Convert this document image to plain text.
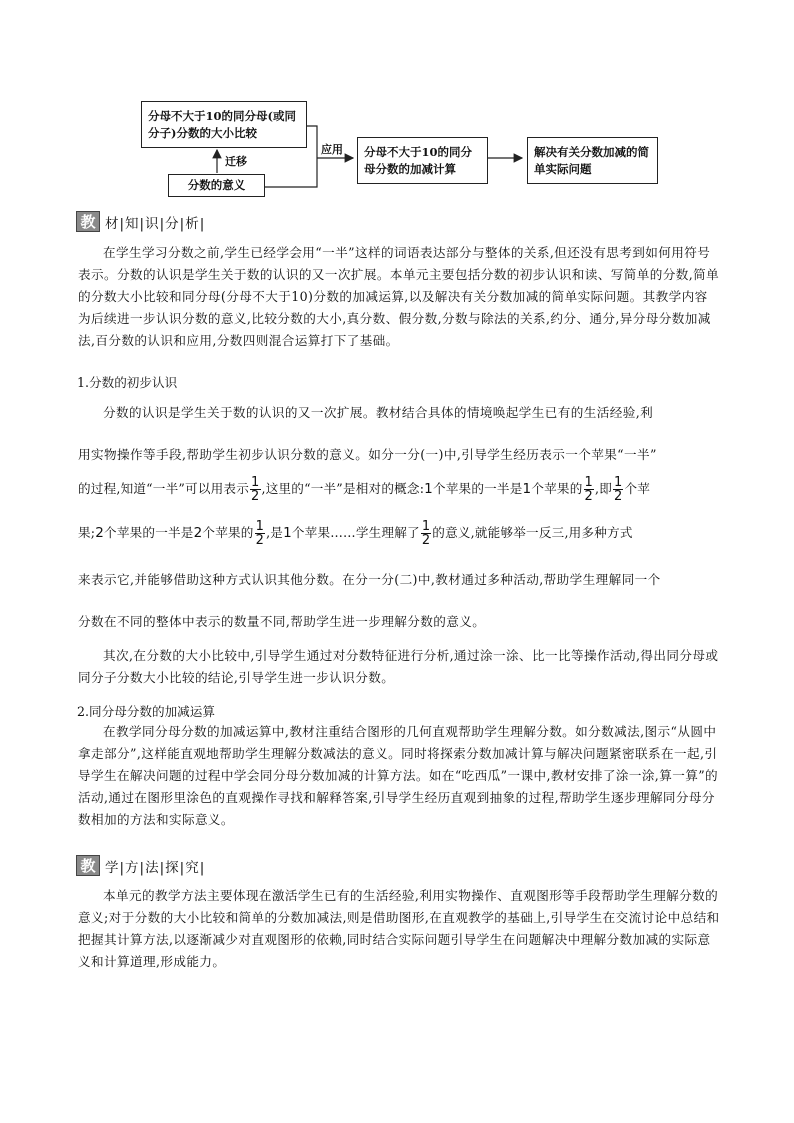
分母不大于10的同分母(或同分子)分数的大小比较
分数的意义
分母不大于10的同分母分数的加减计算
解决有关分数加减的简单实际问题
迁移
应用
教 材|知|识|分|析|
在学生学习分数之前,学生已经学会用“一半”这样的词语表达部分与整体的关系,但还没有思考到如何用符号表示。分数的认识是学生关于数的认识的又一次扩展。本单元主要包括分数的初步认识和读、写简单的分数,简单的分数大小比较和同分母(分母不大于10)分数的加减运算,以及解决有关分数加减的简单实际问题。其教学内容为后续进一步认识分数的意义,比较分数的大小,真分数、假分数,分数与除法的关系,约分、通分,异分母分数加减法,百分数的认识和应用,分数四则混合运算打下了基础。
1.分数的初步认识
分数的认识是学生关于数的认识的又一次扩展。教材结合具体的情境唤起学生已有的生活经验,利
用实物操作等手段,帮助学生初步认识分数的意义。如分一分(一)中,引导学生经历表示一个苹果“一半”
的过程,知道“一半”可以用表示 $\frac{1}{2}$ ,这里的“一半”是相对的概念:1个苹果的一半是1个苹果的 $\frac{1}{2}$ ,即 $\frac{1}{2}$ 个苹
果;2个苹果的一半是2个苹果的 $\frac{1}{2}$ ,是1个苹果……学生理解了 $\frac{1}{2}$ 的意义,就能够举一反三,用多种方式
来表示它,并能够借助这种方式认识其他分数。在分一分(二)中,教材通过多种活动,帮助学生理解同一个
分数在不同的整体中表示的数量不同,帮助学生进一步理解分数的意义。
其次,在分数的大小比较中,引导学生通过对分数特征进行分析,通过涂一涂、比一比等操作活动,得出同分母或同分子分数大小比较的结论,引导学生进一步认识分数。
2.同分母分数的加减运算
在教学同分母分数的加减运算中,教材注重结合图形的几何直观帮助学生理解分数。如分数减法,图示“从圆中拿走部分”,这样能直观地帮助学生理解分数减法的意义。同时将探索分数加减计算与解决问题紧密联系在一起,引导学生在解决问题的过程中学会同分母分数加减的计算方法。如在“吃西瓜”一课中,教材安排了涂一涂,算一算”的活动,通过在图形里涂色的直观操作寻找和解释答案,引导学生经历直观到抽象的过程,帮助学生逐步理解同分母分数相加的方法和实际意义。
教 学|方|法|探|究|
本单元的教学方法主要体现在激活学生已有的生活经验,利用实物操作、直观图形等手段帮助学生理解分数的意义;对于分数的大小比较和简单的分数加减法,则是借助图形,在直观教学的基础上,引导学生在交流讨论中总结和把握其计算方法,以逐渐减少对直观图形的依赖,同时结合实际问题引导学生在问题解决中理解分数加减的实际意义和计算道理,形成能力。
